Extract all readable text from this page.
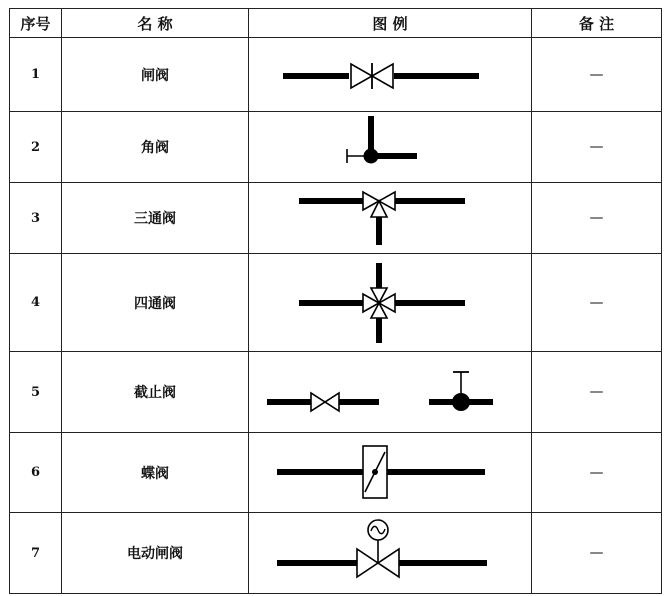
序号	名 称	图 例	备 注
1	闸阀		—
2	角阀		—
3	三通阀		—
4	四通阀		—
5	截止阀		—
6	蝶阀		—
7	电动闸阀		—
